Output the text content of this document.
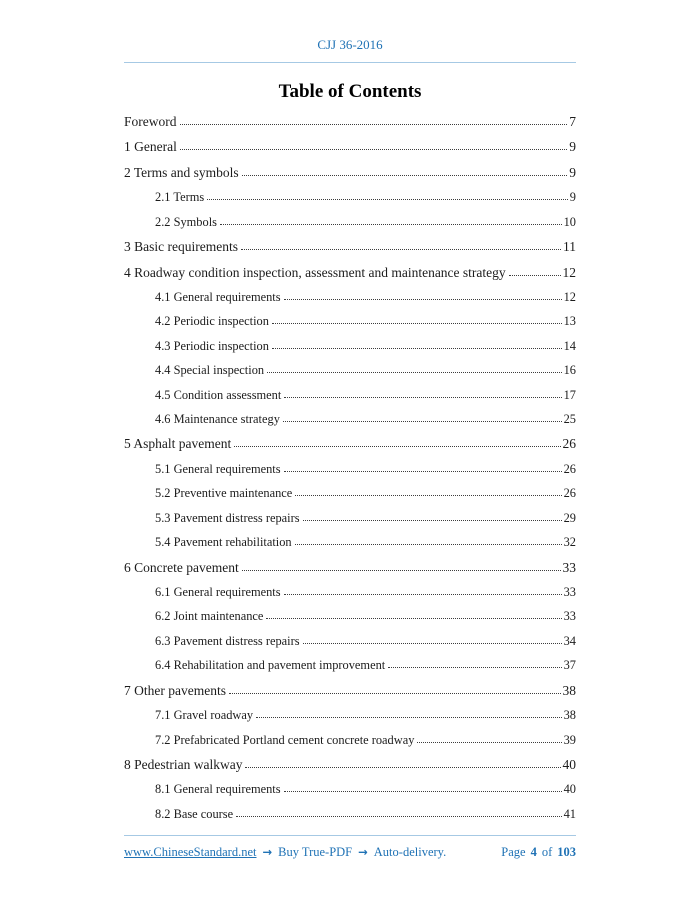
CJJ 36-2016
Table of Contents
Foreword	7
1 General	9
2 Terms and symbols	9
2.1 Terms	9
2.2 Symbols	10
3 Basic requirements	11
4 Roadway condition inspection, assessment and maintenance strategy	12
4.1 General requirements	12
4.2 Periodic inspection	13
4.3 Periodic inspection	14
4.4 Special inspection	16
4.5 Condition assessment	17
4.6 Maintenance strategy	25
5 Asphalt pavement	26
5.1 General requirements	26
5.2 Preventive maintenance	26
5.3 Pavement distress repairs	29
5.4 Pavement rehabilitation	32
6 Concrete pavement	33
6.1 General requirements	33
6.2 Joint maintenance	33
6.3 Pavement distress repairs	34
6.4 Rehabilitation and pavement improvement	37
7 Other pavements	38
7.1 Gravel roadway	38
7.2 Prefabricated Portland cement concrete roadway	39
8 Pedestrian walkway	40
8.1 General requirements	40
8.2 Base course	41
www.ChineseStandard.net → Buy True-PDF → Auto-delivery.	Page 4 of 103
